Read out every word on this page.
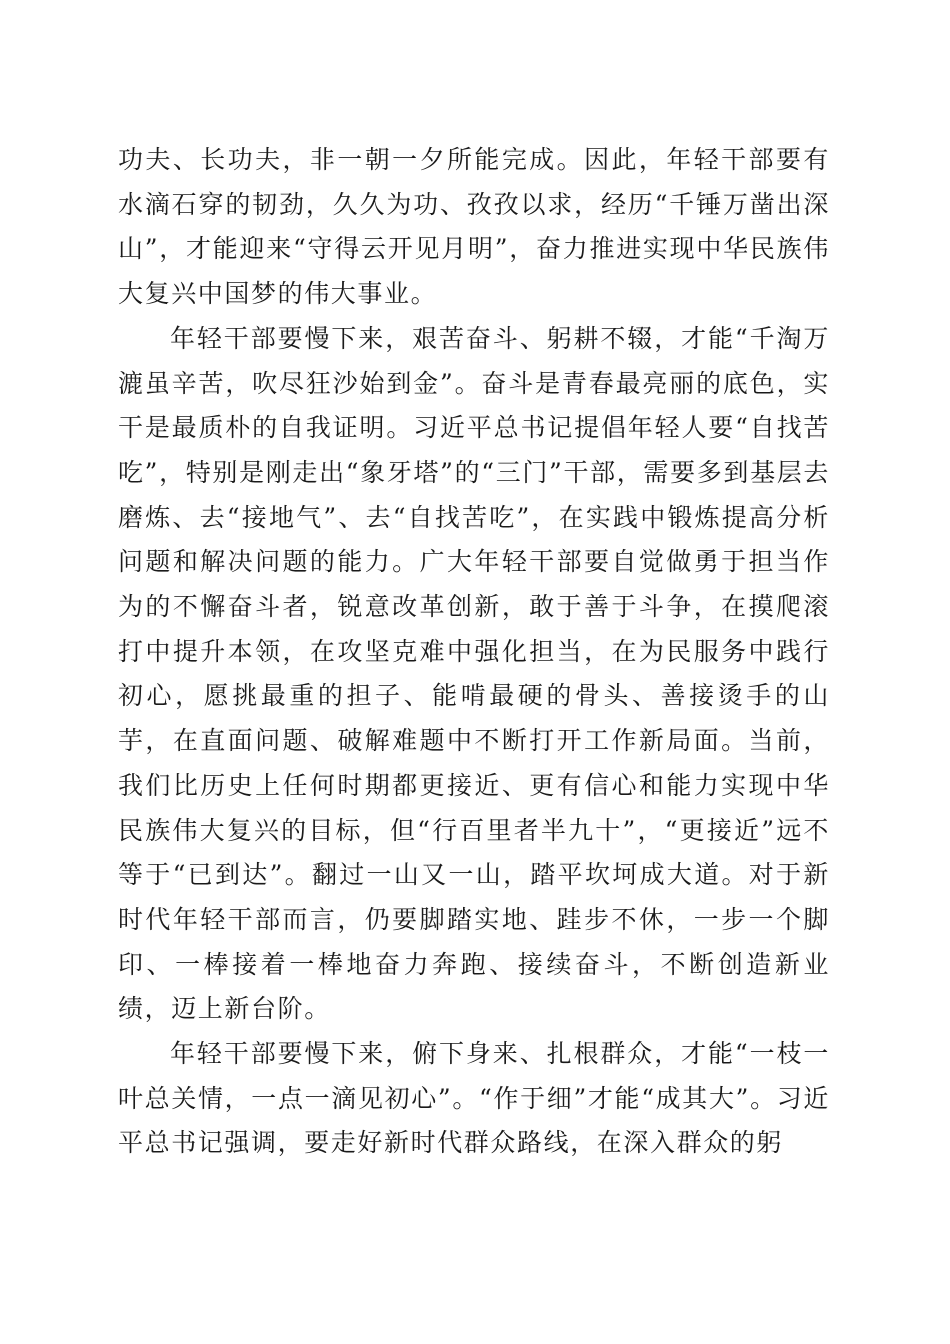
功夫、长功夫，非一朝一夕所能完成。因此，年轻干部要有水滴石穿的韧劲，久久为功、孜孜以求，经历“千锤万凿出深山”，才能迎来“守得云开见月明”，奋力推进实现中华民族伟大复兴中国梦的伟大事业。

年轻干部要慢下来，艰苦奋斗、躬耕不辍，才能“千淘万漉虽辛苦，吹尽狂沙始到金”。奋斗是青春最亮丽的底色，实干是最质朴的自我证明。习近平总书记提倡年轻人要“自找苦吃”，特别是刚走出“象牙塔”的“三门”干部，需要多到基层去磨炼、去“接地气”、去“自找苦吃”，在实践中锻炼提高分析问题和解决问题的能力。广大年轻干部要自觉做勇于担当作为的不懈奋斗者，锐意改革创新，敢于善于斗争，在摸爬滚打中提升本领，在攻坚克难中强化担当，在为民服务中践行初心，愿挑最重的担子、能啃最硬的骨头、善接烫手的山芋，在直面问题、破解难题中不断打开工作新局面。当前，我们比历史上任何时期都更接近、更有信心和能力实现中华民族伟大复兴的目标，但“行百里者半九十”，“更接近”远不等于“已到达”。翻过一山又一山，踏平坎坷成大道。对于新时代年轻干部而言，仍要脚踏实地、跬步不休，一步一个脚印、一棒接着一棒地奋力奔跑、接续奋斗，不断创造新业绩，迈上新台阶。

年轻干部要慢下来，俯下身来、扎根群众，才能“一枝一叶总关情，一点一滴见初心”。“作于细”才能“成其大”。习近平总书记强调，要走好新时代群众路线，在深入群众的躬
